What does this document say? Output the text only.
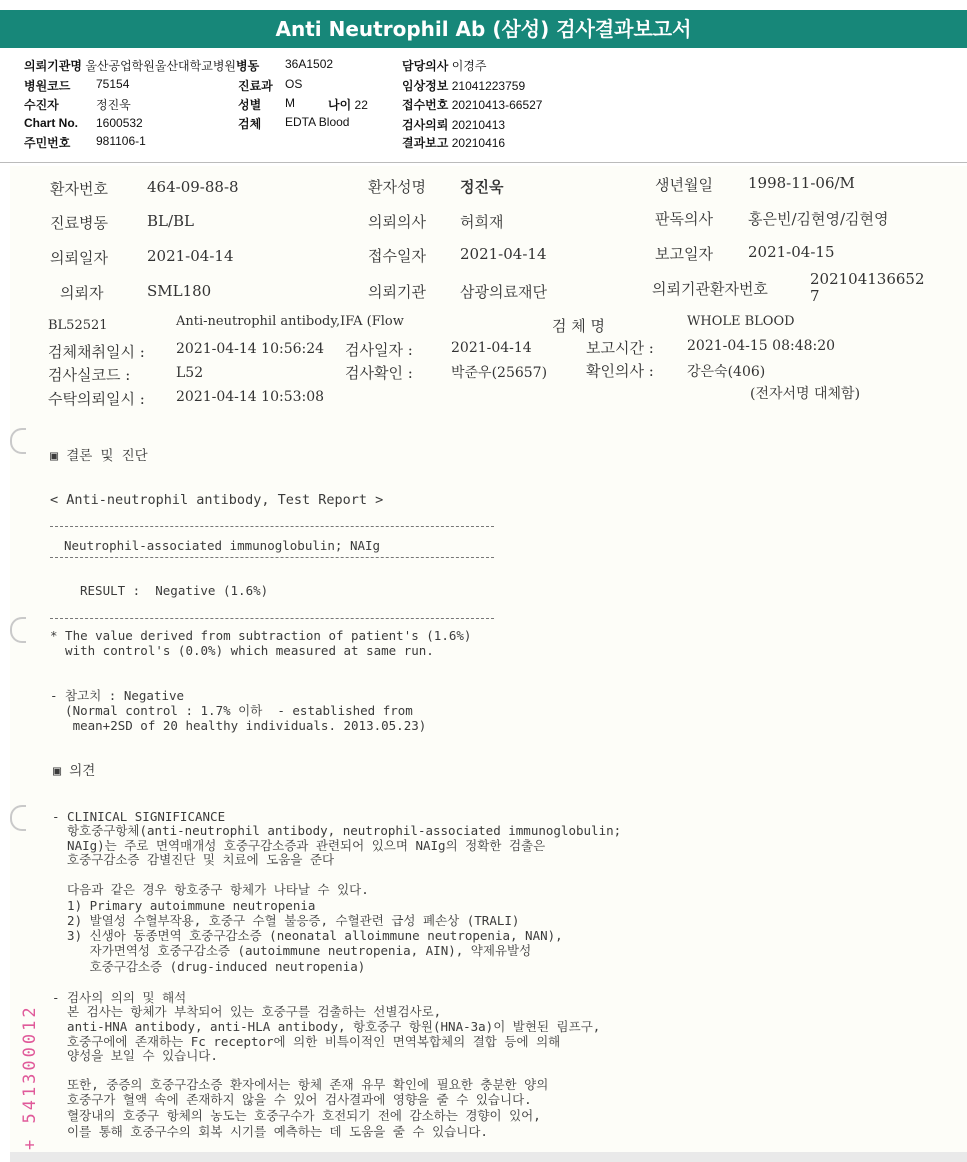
Anti Neutrophil Ab (삼성) 검사결과보고서
의뢰기관명 울산공업학원울산대학교병원병동 36A1502	담당의사 이경주
병원코드 75154	진료과 OS	임상정보 21041223759
수진자	정진욱	성별 M	나이 22	접수번호 20210413-66527
Chart No. 1600532	검체 EDTA Blood	검사의뢰 20210413
주민번호 981106-1	결과보고 20210416
환자번호	464-09-88-8	환자성명 정진욱	생년월일 1998-11-06/M
진료병동	BL/BL	의뢰의사 허희재	판독의사 홍은빈/김현영/김현영
의뢰일자	2021-04-14	접수일자 2021-04-14	보고일자 2021-04-15
의뢰자	SML180	의뢰기관 삼광의료재단	의뢰기관환자번호
202104136652
7
BL52521	Anti-neutrophil antibody,IFA (Flow	검 체 명	WHOLE BLOOD
검체채취일시 : 2021-04-14 10:56:24 검사일자 :	2021-04-14	보고시간 : 2021-04-15 08:48:20
검사실코드 :	L52	검사확인 :	박준우(25657)	확인의사 : 강은숙(406)
수탁의뢰일시 : 2021-04-14 10:53:08	(전자서명 대체함)
▣ 결론 및 진단
< Anti-neutrophil antibody, Test Report >
Neutrophil-associated immunoglobulin; NAIg
RESULT :  Negative (1.6%)
* The value derived from subtraction of patient's (1.6%)
with control's (0.0%) which measured at same run.
- 참고치 : Negative
(Normal control : 1.7% 이하  - established from
mean+2SD of 20 healthy individuals. 2013.05.23)
▣ 의견
- CLINICAL SIGNIFICANCE
항호중구항체(anti-neutrophil antibody, neutrophil-associated immunoglobulin;
NAIg)는 주로 면역매개성 호중구감소증과 관련되어 있으며 NAIg의 정확한 검출은
호중구감소증 감별진단 및 치료에 도움을 준다
다음과 같은 경우 항호중구 항체가 나타날 수 있다.
1) Primary autoimmune neutropenia
2) 발열성 수혈부작용, 호중구 수혈 불응증, 수혈관련 급성 폐손상 (TRALI)
3) 신생아 동종면역 호중구감소증 (neonatal alloimmune neutropenia, NAN),
자가면역성 호중구감소증 (autoimmune neutropenia, AIN), 약제유발성
호중구감소증 (drug-induced neutropenia)
- 검사의 의의 및 해석
본 검사는 항체가 부착되어 있는 호중구를 검출하는 선별검사로,
anti-HNA antibody, anti-HLA antibody, 항호중구 항원(HNA-3a)이 발현된 림프구,
호중구에에 존재하는 Fc receptor에 의한 비특이적인 면역복합체의 결합 등에 의해
양성을 보일 수 있습니다.
또한, 중증의 호중구감소증 환자에서는 항체 존재 유무 확인에 필요한 충분한 양의
호중구가 혈액 속에 존재하지 않을 수 있어 검사결과에 영향을 줄 수 있습니다.
혈장내의 호중구 항체의 농도는 호중구수가 호전되기 전에 감소하는 경향이 있어,
이를 통해 호중구수의 회복 시기를 예측하는 데 도움을 줄 수 있습니다.
+ 541300012
